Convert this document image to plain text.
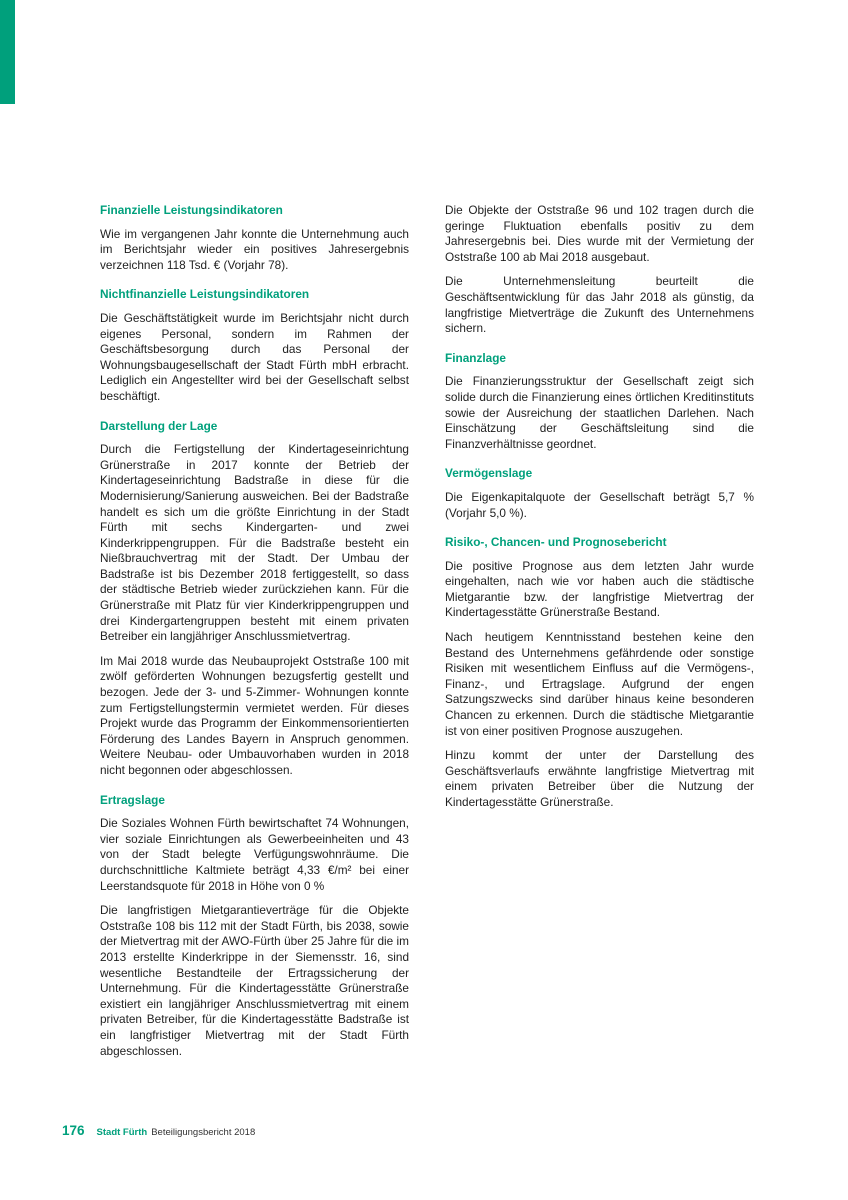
Finanzielle Leistungsindikatoren

Wie im vergangenen Jahr konnte die Unternehmung auch im Berichtsjahr wieder ein positives Jahresergebnis verzeichnen 118 Tsd. € (Vorjahr 78).

Nichtfinanzielle Leistungsindikatoren

Die Geschäftstätigkeit wurde im Berichtsjahr nicht durch eigenes Personal, sondern im Rahmen der Geschäftsbesorgung durch das Personal der Wohnungsbaugesellschaft der Stadt Fürth mbH erbracht. Lediglich ein Angestellter wird bei der Gesellschaft selbst beschäftigt.

Darstellung der Lage

Durch die Fertigstellung der Kindertageseinrichtung Grünerstraße in 2017 konnte der Betrieb der Kindertageseinrichtung Badstraße in diese für die Modernisierung/Sanierung ausweichen. Bei der Badstraße handelt es sich um die größte Einrichtung in der Stadt Fürth mit sechs Kindergarten- und zwei Kinderkrippengruppen. Für die Badstraße besteht ein Nießbrauchvertrag mit der Stadt. Der Umbau der Badstraße ist bis Dezember 2018 fertiggestellt, so dass der städtische Betrieb wieder zurückziehen kann. Für die Grünerstraße mit Platz für vier Kinderkrippengruppen und drei Kindergartengruppen besteht mit einem privaten Betreiber ein langjähriger Anschlussmietvertrag.

Im Mai 2018 wurde das Neubauprojekt Oststraße 100 mit zwölf geförderten Wohnungen bezugsfertig gestellt und bezogen. Jede der 3- und 5-Zimmer- Wohnungen konnte zum Fertigstellungstermin vermietet werden. Für dieses Projekt wurde das Programm der Einkommensorientierten Förderung des Landes Bayern in Anspruch genommen. Weitere Neubau- oder Umbauvorhaben wurden in 2018 nicht begonnen oder abgeschlossen.

Ertragslage

Die Soziales Wohnen Fürth bewirtschaftet 74 Wohnungen, vier soziale Einrichtungen als Gewerbeeinheiten und 43 von der Stadt belegte Verfügungswohnräume. Die durchschnittliche Kaltmiete beträgt 4,33 €/m² bei einer Leerstandsquote für 2018 in Höhe von 0 %

Die langfristigen Mietgarantieverträge für die Objekte Oststraße 108 bis 112 mit der Stadt Fürth, bis 2038, sowie der Mietvertrag mit der AWO-Fürth über 25 Jahre für die im 2013 erstellte Kinderkrippe in der Siemensstr. 16, sind wesentliche Bestandteile der Ertragssicherung der Unternehmung. Für die Kindertagesstätte Grünerstraße existiert ein langjähriger Anschlussmietvertrag mit einem privaten Betreiber, für die Kindertagesstätte Badstraße ist ein langfristiger Mietvertrag mit der Stadt Fürth abgeschlossen.

Die Objekte der Oststraße 96 und 102 tragen durch die geringe Fluktuation ebenfalls positiv zu dem Jahresergebnis bei. Dies wurde mit der Vermietung der Oststraße 100 ab Mai 2018 ausgebaut.

Die Unternehmensleitung beurteilt die Geschäftsentwicklung für das Jahr 2018 als günstig, da langfristige Mietverträge die Zukunft des Unternehmens sichern.

Finanzlage

Die Finanzierungsstruktur der Gesellschaft zeigt sich solide durch die Finanzierung eines örtlichen Kreditinstituts sowie der Ausreichung der staatlichen Darlehen. Nach Einschätzung der Geschäftsleitung sind die Finanzverhältnisse geordnet.

Vermögenslage

Die Eigenkapitalquote der Gesellschaft beträgt 5,7 % (Vorjahr 5,0 %).

Risiko-, Chancen- und Prognosebericht

Die positive Prognose aus dem letzten Jahr wurde eingehalten, nach wie vor haben auch die städtische Mietgarantie bzw. der langfristige Mietvertrag der Kindertagesstätte Grünerstraße Bestand.

Nach heutigem Kenntnisstand bestehen keine den Bestand des Unternehmens gefährdende oder sonstige Risiken mit wesentlichem Einfluss auf die Vermögens-, Finanz-, und Ertragslage. Aufgrund der engen Satzungszwecks sind darüber hinaus keine besonderen Chancen zu erkennen. Durch die städtische Mietgarantie ist von einer positiven Prognose auszugehen.

Hinzu kommt der unter der Darstellung des Geschäftsverlaufs erwähnte langfristige Mietvertrag mit einem privaten Betreiber über die Nutzung der Kindertagesstätte Grünerstraße.

176 Stadt Fürth Beteiligungsbericht 2018
